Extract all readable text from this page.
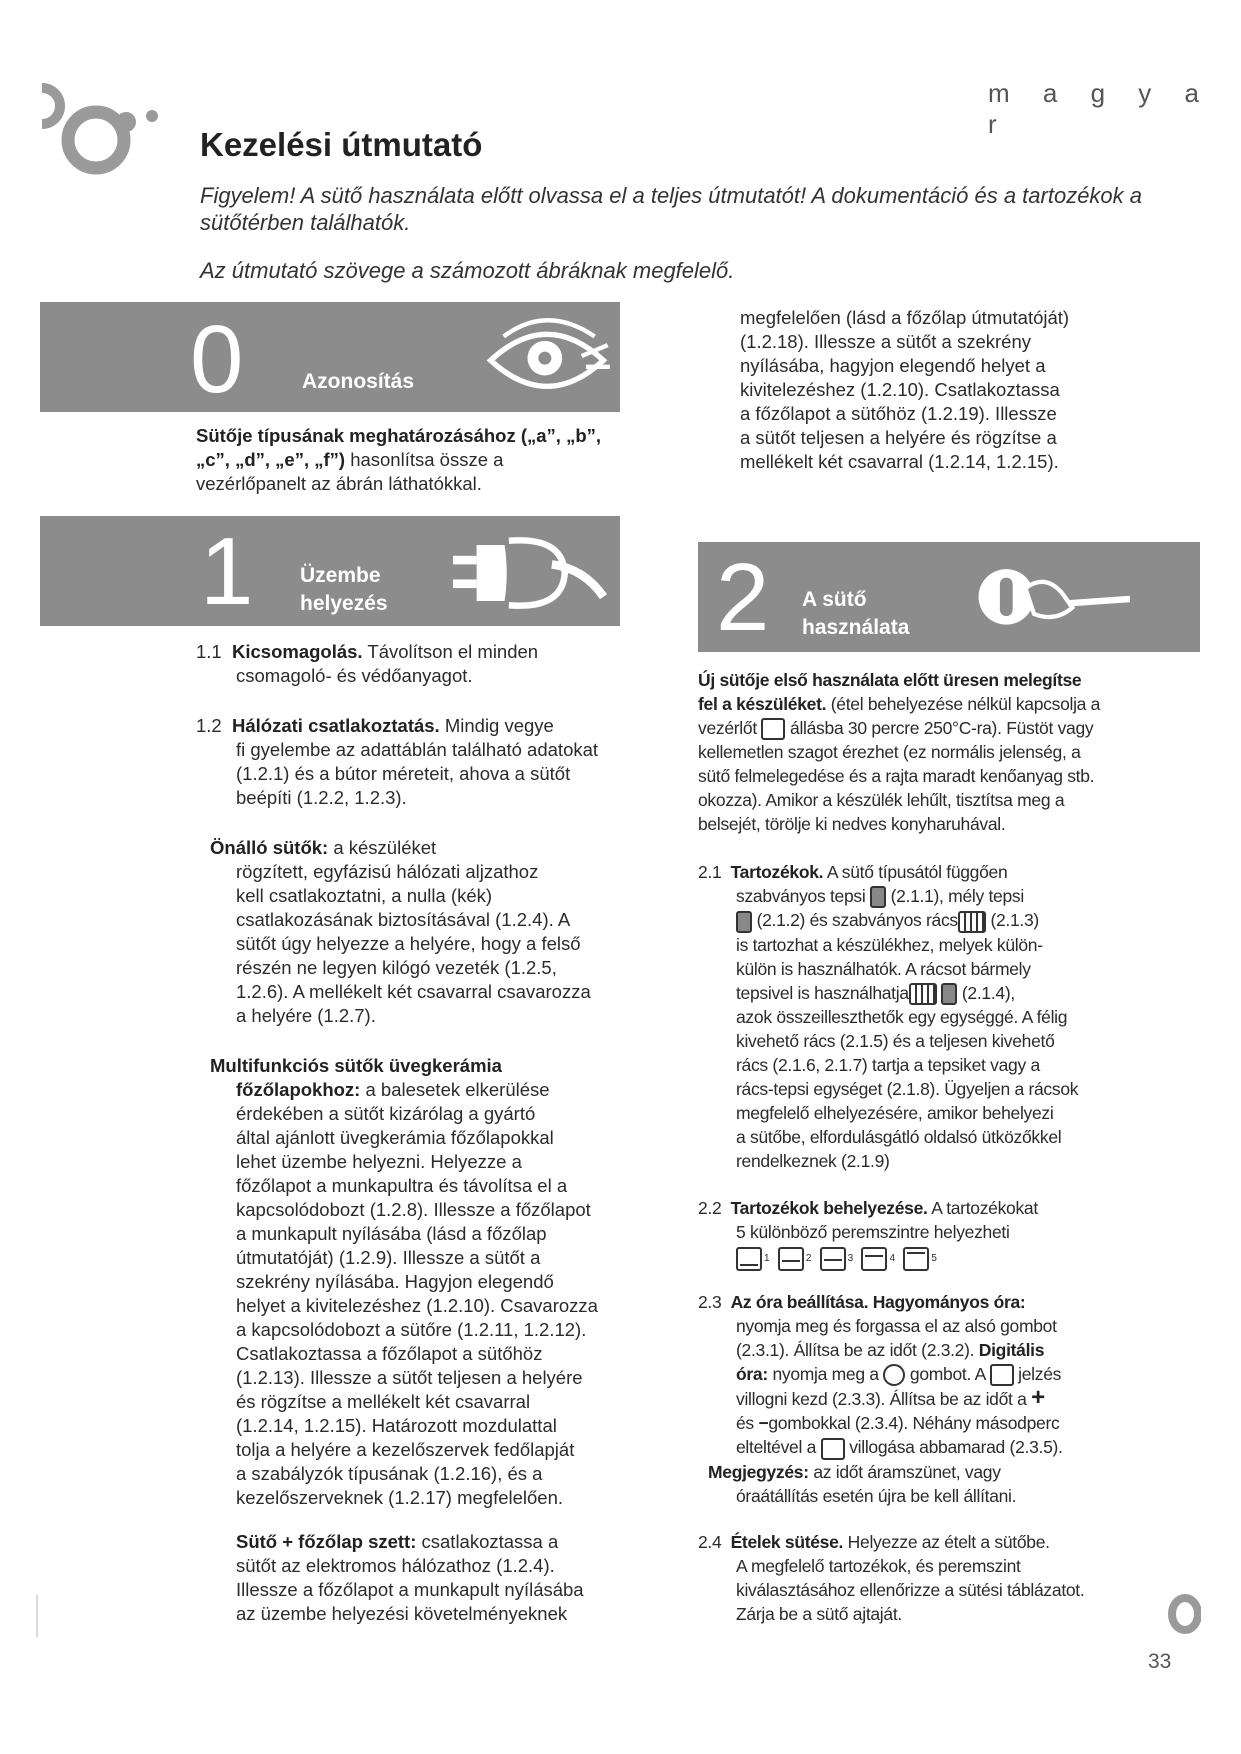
m a g y a r
Kezelési útmutató
Figyelem! A sütő használata előtt olvassa el a teljes útmutatót! A dokumentáció és a tartozékok a sütőtérben találhatók.
Az útmutató szövege a számozott ábráknak megfelelő.
0	Azonosítás
Sütője típusának meghatározásához („a”, „b”, „c”, „d”, „e”, „f”) hasonlítsa össze a vezérlőpanelt az ábrán láthatókkal.
1 Üzembe
helyezés
1.1 Kicsomagolás. Távolítson el minden
csomagoló- és védőanyagot.
1.2 Hálózati csatlakoztatás. Mindig vegye
fi gyelembe az adattáblán található adatokat
(1.2.1) és a bútor méreteit, ahova a sütőt
beépíti (1.2.2, 1.2.3).
Önálló sütők: a készüléket
rögzített, egyfázisú hálózati aljzathoz
kell csatlakoztatni, a nulla (kék)
csatlakozásának biztosításával (1.2.4). A
sütőt úgy helyezze a helyére, hogy a felső
részén ne legyen kilógó vezeték (1.2.5,
1.2.6). A mellékelt két csavarral csavarozza
a helyére (1.2.7).
Multifunkciós sütők üvegkerámia
főzőlapokhoz: a balesetek elkerülése
érdekében a sütőt kizárólag a gyártó
által ajánlott üvegkerámia főzőlapokkal
lehet üzembe helyezni. Helyezze a
főzőlapot a munkapultra és távolítsa el a
kapcsolódobozt (1.2.8). Illessze a főzőlapot
a munkapult nyílásába (lásd a főzőlap
útmutatóját) (1.2.9). Illessze a sütőt a
szekrény nyílásába. Hagyjon elegendő
helyet a kivitelezéshez (1.2.10). Csavarozza
a kapcsolódobozt a sütőre (1.2.11, 1.2.12).
Csatlakoztassa a főzőlapot a sütőhöz
(1.2.13). Illessze a sütőt teljesen a helyére
és rögzítse a mellékelt két csavarral
(1.2.14, 1.2.15). Határozott mozdulattal
tolja a helyére a kezelőszervek fedőlapját
a szabályzók típusának (1.2.16), és a
kezelőszerveknek (1.2.17) megfelelően.
Sütő + főzőlap szett: csatlakoztassa a
sütőt az elektromos hálózathoz (1.2.4).
Illessze a főzőlapot a munkapult nyílásába
az üzembe helyezési követelményeknek
megfelelően (lásd a főzőlap útmutatóját)
(1.2.18). Illessze a sütőt a szekrény
nyílásába, hagyjon elegendő helyet a
kivitelezéshez (1.2.10). Csatlakoztassa
a főzőlapot a sütőhöz (1.2.19). Illessze
a sütőt teljesen a helyére és rögzítse a
mellékelt két csavarral (1.2.14, 1.2.15).
2 A sütő
használata
Új sütője első használata előtt üresen melegítse
fel a készüléket. (étel behelyezése nélkül kapcsolja a
vezérlőt állásba 30 percre 250°C-ra). Füstöt vagy
kellemetlen szagot érezhet (ez normális jelenség, a
sütő felmelegedése és a rajta maradt kenőanyag stb.
okozza). Amikor a készülék lehűlt, tisztítsa meg a
belsejét, törölje ki nedves konyharuhával.
2.1 Tartozékok. A sütő típusától függően
szabványos tepsi (2.1.1), mély tepsi
(2.1.2) és szabványos rács (2.1.3)
is tartozhat a készülékhez, melyek külön-
külön is használhatók. A rácsot bármely
tepsivel is használhatja	(2.1.4),
azok összeilleszthetők egy egységgé. A félig
kivehető rács (2.1.5) és a teljesen kivehető
rács (2.1.6, 2.1.7) tartja a tepsiket vagy a
rács-tepsi egységet (2.1.8). Ügyeljen a rácsok
megfelelő elhelyezésére, amikor behelyezi
a sütőbe, elfordulásgátló oldalsó ütközőkkel
rendelkeznek (2.1.9)
2.2 Tartozékok behelyezése. A tartozékokat
5 különböző peremszintre helyezheti
1	2	3	4	5
2.3 Az óra beállítása. Hagyományos óra:
nyomja meg és forgassa el az alsó gombot
(2.3.1). Állítsa be az időt (2.3.2). Digitális
óra: nyomja meg a gombot. A jelzés
villogni kezd (2.3.3). Állítsa be az időt a +
és −gombokkal (2.3.4). Néhány másodperc
elteltével a villogása abbamarad (2.3.5).
Megjegyzés: az időt áramszünet, vagy
óraátállítás esetén újra be kell állítani.
2.4 Ételek sütése. Helyezze az ételt a sütőbe.
A megfelelő tartozékok, és peremszint
kiválasztásához ellenőrizze a sütési táblázatot.
Zárja be a sütő ajtaját.
33
